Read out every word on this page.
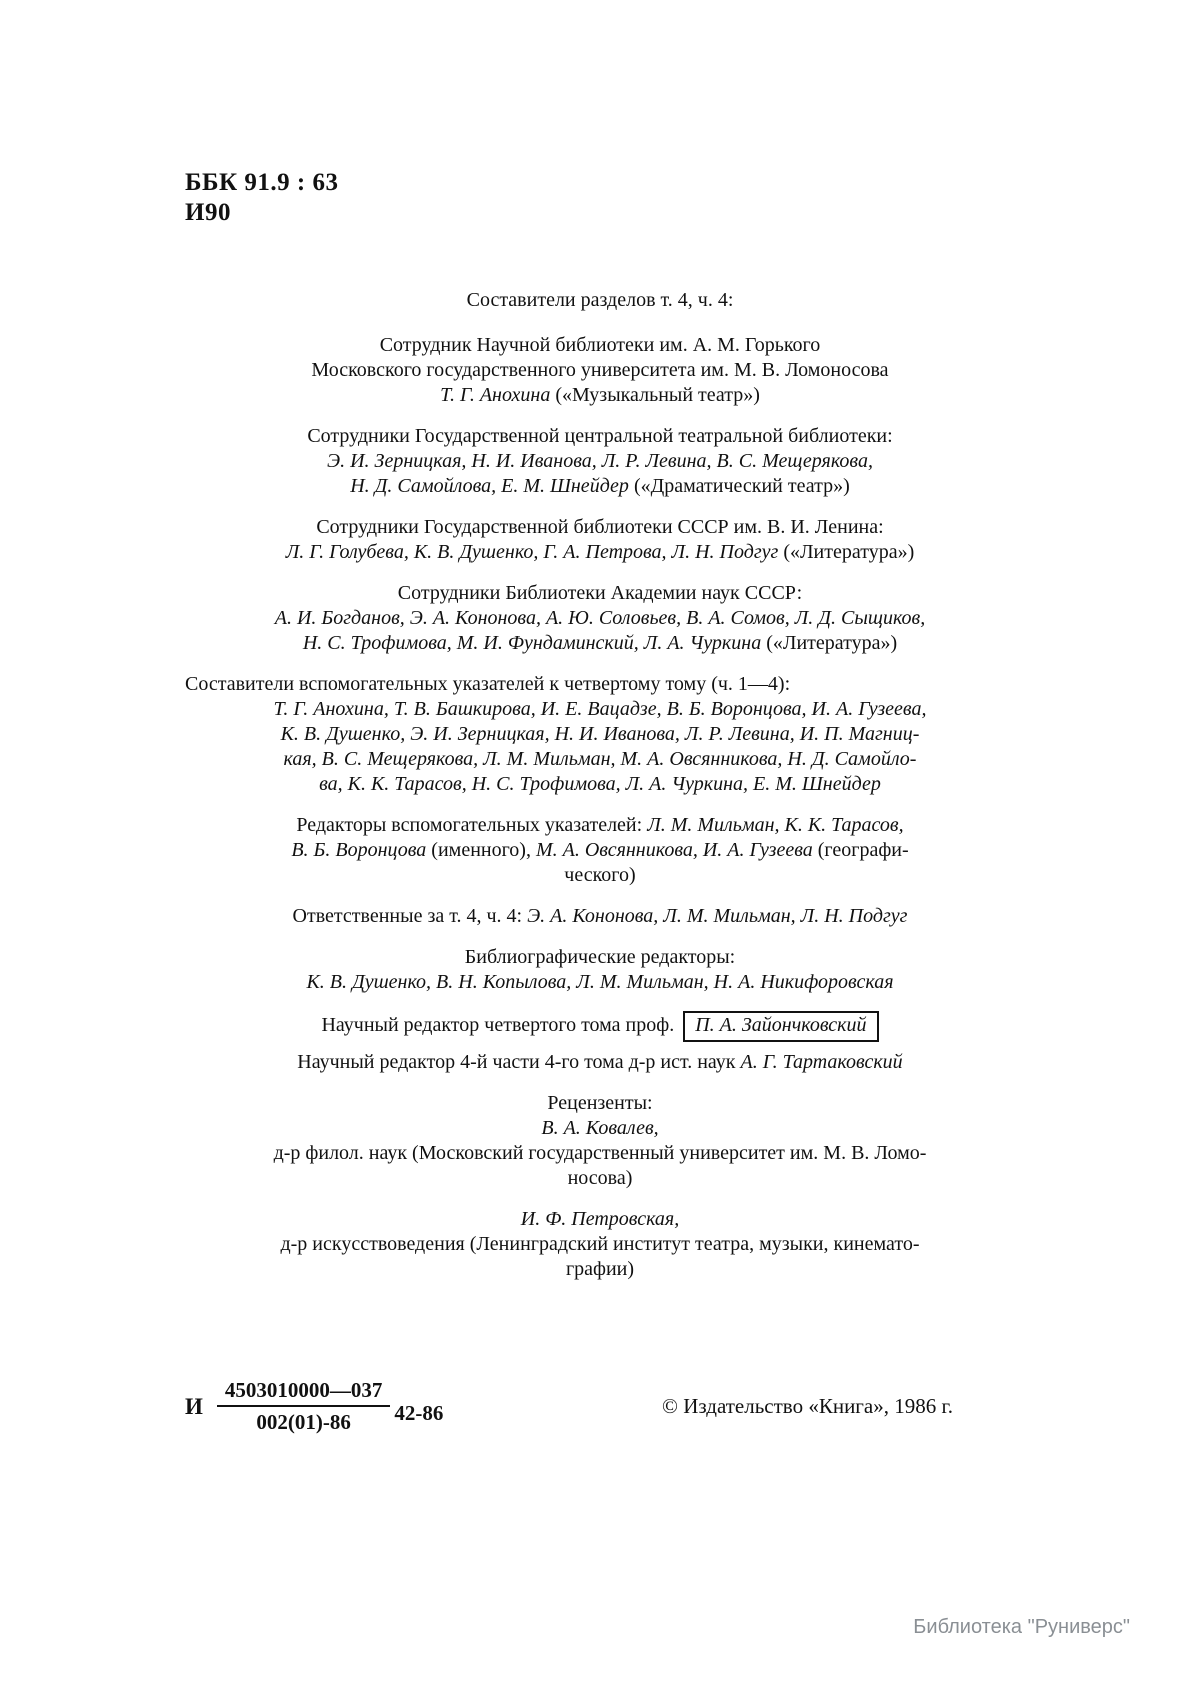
ББК 91.9 : 63
И90

Составители разделов т. 4, ч. 4:

Сотрудник Научной библиотеки им. А. М. Горького

Московского государственного университета им. М. В. Ломоносова

Т. Г. Анохина («Музыкальный театр»)

Сотрудники Государственной центральной театральной библиотеки:

Э. И. Зерницкая, Н. И. Иванова, Л. Р. Левина, В. С. Мещерякова,

Н. Д. Самойлова, Е. М. Шнейдер («Драматический театр»)

Сотрудники Государственной библиотеки СССР им. В. И. Ленина:

Л. Г. Голубева, К. В. Душенко, Г. А. Петрова, Л. Н. Подгуг («Литература»)

Сотрудники Библиотеки Академии наук СССР:

А. И. Богданов, Э. А. Кононова, А. Ю. Соловьев, В. А. Сомов, Л. Д. Сыщиков,

Н. С. Трофимова, М. И. Фундаминский, Л. А. Чуркина («Литература»)

Составители вспомогательных указателей к четвертому тому (ч. 1—4):

Т. Г. Анохина, Т. В. Башкирова, И. Е. Вацадзе, В. Б. Воронцова, И. А. Гузеева,

К. В. Душенко, Э. И. Зерницкая, Н. И. Иванова, Л. Р. Левина, И. П. Магниц-

кая, В. С. Мещерякова, Л. М. Мильман, М. А. Овсянникова, Н. Д. Самойло-

ва, К. К. Тарасов, Н. С. Трофимова, Л. А. Чуркина, Е. М. Шнейдер

Редакторы вспомогательных указателей: Л. М. Мильман, К. К. Тарасов,

В. Б. Воронцова (именного), М. А. Овсянникова, И. А. Гузеева (географи-

ческого)

Ответственные за т. 4, ч. 4: Э. А. Кононова, Л. М. Мильман, Л. Н. Подгуг

Библиографические редакторы:

К. В. Душенко, В. Н. Копылова, Л. М. Мильман, Н. А. Никифоровская

Научный редактор четвертого тома проф. П. А. Зайончковский

Научный редактор 4-й части 4-го тома д-р ист. наук А. Г. Тартаковский

Рецензенты:

В. А. Ковалев,

д-р филол. наук (Московский государственный университет им. М. В. Ломо-

носова)

И. Ф. Петровская,

д-р искусствоведения (Ленинградский институт театра, музыки, кинемато-

графии)

И $\frac{4503010000—037}{002(01)-86} 42-86$	© Издательство «Книга», 1986 г.
Библиотека "Руниверс"
